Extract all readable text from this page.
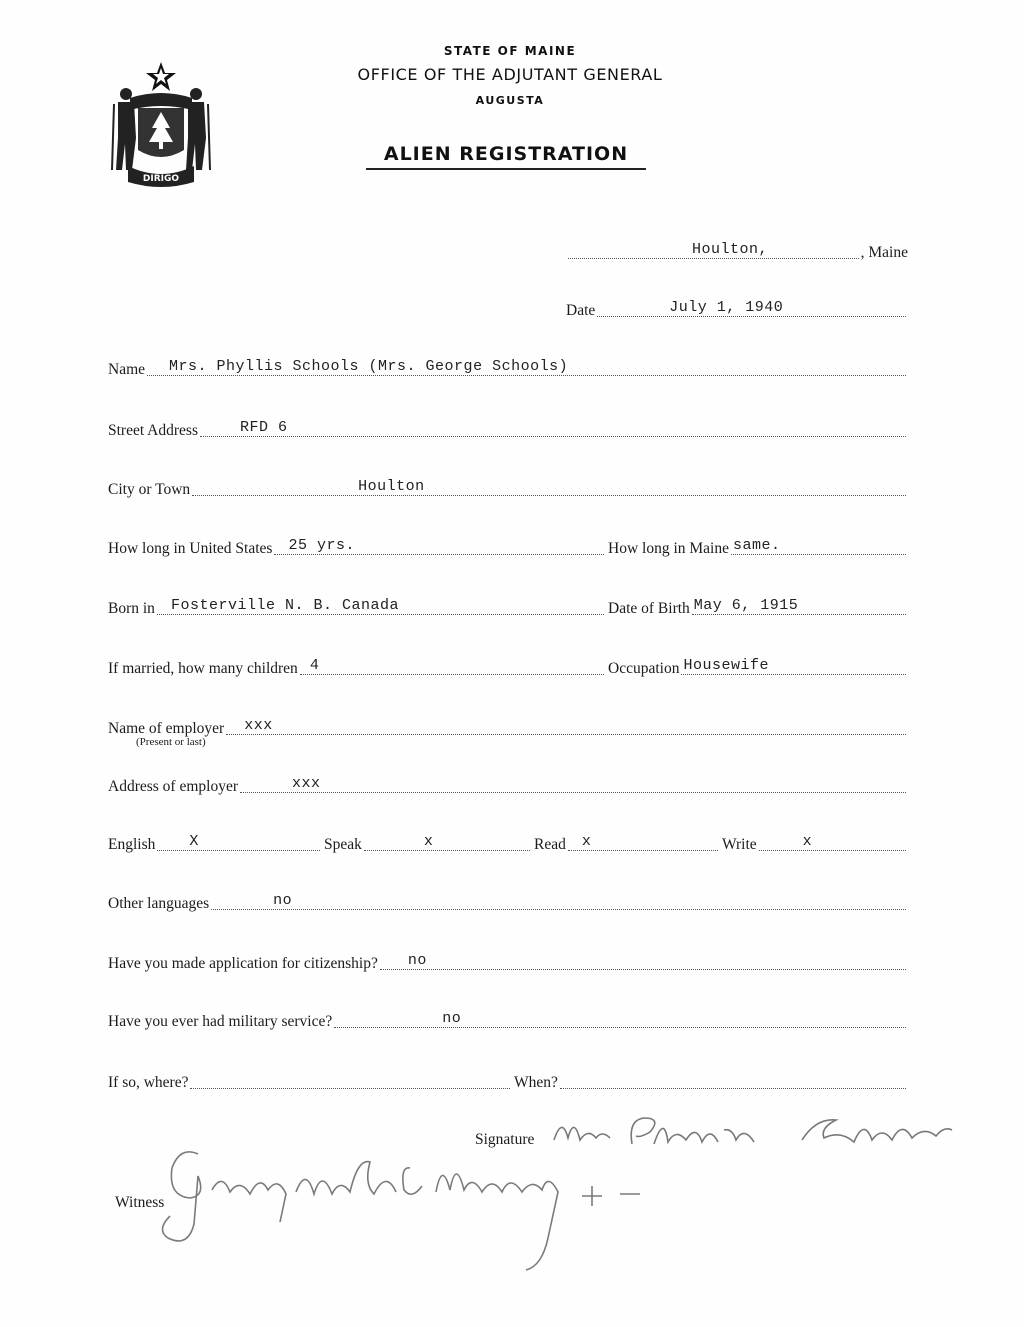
DIRIGO
STATE OF MAINE
OFFICE OF THE ADJUTANT GENERAL
AUGUSTA
ALIEN REGISTRATION
Houlton,	, Maine
Date	July 1, 1940
Name Mrs. Phyllis Schools (Mrs. George Schools)
Street Address	RFD 6
City or Town	Houlton
How long in United States 25 yrs.	How long in Maine same.
Born in Fosterville N. B. Canada	Date of Birth May 6, 1915
If married, how many children 4	Occupation Housewife
Name of employer xxx
(Present or last)
Address of employer	xxx
English X	Speak	x	Read x	Write	x
Other languages	no
Have you made application for citizenship? no
Have you ever had military service?	no
If so, where?	When?
Signature
Witness
